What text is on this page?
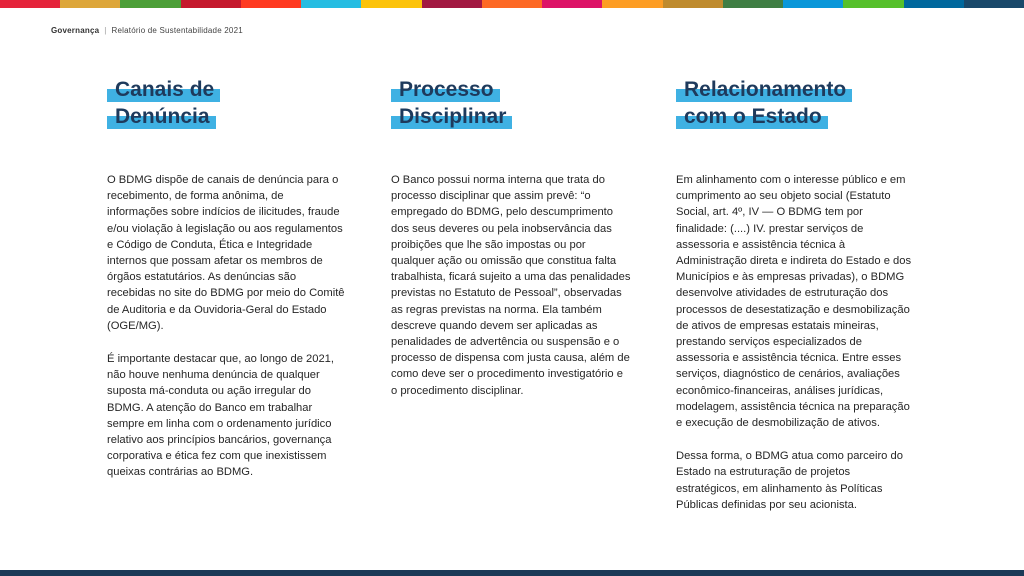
Governança | Relatório de Sustentabilidade 2021
Canais de
Denúncia

O BDMG dispõe de canais de denúncia para o recebimento, de forma anônima, de informações sobre indícios de ilicitudes, fraude e/ou violação à legislação ou aos regulamentos e Código de Conduta, Ética e Integridade internos que possam afetar os membros de órgãos estatutários. As denúncias são recebidas no site do BDMG por meio do Comitê de Auditoria e da Ouvidoria-Geral do Estado (OGE/MG).

É importante destacar que, ao longo de 2021, não houve nenhuma denúncia de qualquer suposta má-conduta ou ação irregular do BDMG. A atenção do Banco em trabalhar sempre em linha com o ordenamento jurídico relativo aos princípios bancários, governança corporativa e ética fez com que inexistissem queixas contrárias ao BDMG.

Processo
Disciplinar

O Banco possui norma interna que trata do processo disciplinar que assim prevê: “o empregado do BDMG, pelo descumprimento dos seus deveres ou pela inobservância das proibições que lhe são impostas ou por qualquer ação ou omissão que constitua falta trabalhista, ficará sujeito a uma das penalidades previstas no Estatuto de Pessoal”, observadas as regras previstas na norma. Ela também descreve quando devem ser aplicadas as penalidades de advertência ou suspensão e o processo de dispensa com justa causa, além de como deve ser o procedimento investigatório e o procedimento disciplinar.

Relacionamento
com o Estado

Em alinhamento com o interesse público e em cumprimento ao seu objeto social (Estatuto Social, art. 4º, IV — O BDMG tem por finalidade: (....) IV. prestar serviços de assessoria e assistência técnica à Administração direta e indireta do Estado e dos Municípios e às empresas privadas), o BDMG desenvolve atividades de estruturação dos processos de desestatização e desmobilização de ativos de empresas estatais mineiras, prestando serviços especializados de assessoria e assistência técnica. Entre esses serviços, diagnóstico de cenários, avaliações econômico-financeiras, análises jurídicas, modelagem, assistência técnica na preparação e execução de desmobilização de ativos.

Dessa forma, o BDMG atua como parceiro do Estado na estruturação de projetos estratégicos, em alinhamento às Políticas Públicas definidas por seu acionista.
